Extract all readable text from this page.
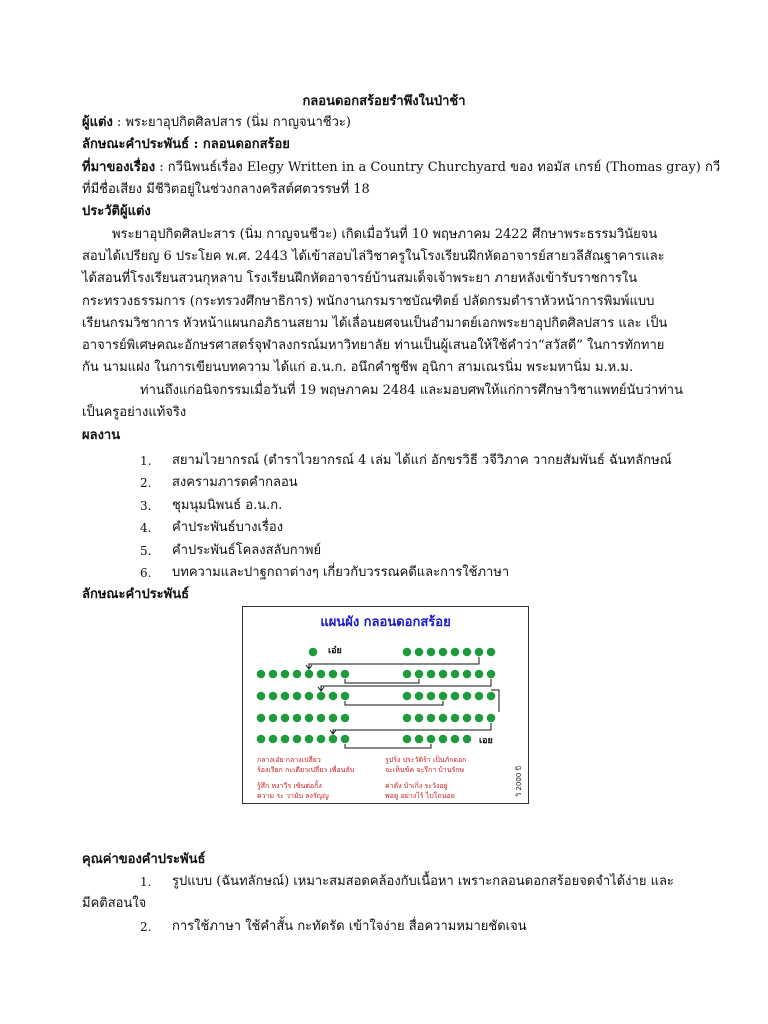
กลอนดอกสร้อยรำพึงในป่าช้า
ผู้แต่ง : พระยาอุปกิตศิลปสาร (นิ่ม กาญจนาชีวะ)
ลักษณะคำประพันธ์ : กลอนดอกสร้อย
ที่มาของเรื่อง : กวีนิพนธ์เรื่อง Elegy Written in a Country Churchyard ของ ทอมัส เกรย์ (Thomas gray) กวี
ที่มีชื่อเสียง มีชีวิตอยู่ในช่วงกลางคริสต์ศตวรรษที่ 18
ประวัติผู้แต่ง
พระยาอุปกิตศิลปะสาร (นิ่ม กาญจนชีวะ) เกิดเมื่อวันที่ 10 พฤษภาคม 2422 ศึกษาพระธรรมวินัยจน
สอบได้เปรียญ 6 ประโยค พ.ศ. 2443 ได้เข้าสอบไล่วิชาครูในโรงเรียนฝึกหัดอาจารย์สายวลีสัณฐาคารและ
ได้สอนที่โรงเรียนสวนกุหลาบ โรงเรียนฝึกหัดอาจารย์บ้านสมเด็จเจ้าพระยา ภายหลังเข้ารับราชการใน
กระทรวงธรรมการ (กระทรวงศึกษาธิการ) พนักงานกรมราชบัณฑิตย์ ปลัดกรมตำราหัวหน้าการพิมพ์แบบ
เรียนกรมวิชาการ หัวหน้าแผนกอภิธานสยาม ได้เลื่อนยศจนเป็นอำมาตย์เอกพระยาอุปกิตศิลปสาร และ เป็น
อาจารย์พิเศษคณะอักษรศาสตร์จุฬาลงกรณ์มหาวิทยาลัย ท่านเป็นผู้เสนอให้ใช้คำว่า“สวัสดี” ในการทักทาย
กัน นามแฝง ในการเขียนบทความ ได้แก่ อ.น.ก. อนึกคำชูชีพ อุนิกา สามเณรนิ่ม พระมหานิ่ม ม.ห.ม.
ท่านถึงแก่อนิจกรรมเมื่อวันที่ 19 พฤษภาคม 2484 และมอบศพให้แก่การศึกษาวิชาแพทย์นับว่าท่าน
เป็นครูอย่างแท้จริง
ผลงาน
1. สยามไวยากรณ์ (ตำราไวยากรณ์ 4 เล่ม ได้แก่ อักขรวิธี วจีวิภาค วากยสัมพันธ์ ฉันทลักษณ์
2. สงครามภารตคำกลอน
3. ชุมนุมนิพนธ์ อ.น.ก.
4. คำประพันธ์บางเรื่อง
5. คำประพันธ์โคลงสลับกาพย์
6. บทความและปาฐกถาต่างๆ เกี่ยวกับวรรณคดีและการใช้ภาษา
ลักษณะคำประพันธ์
แผนผัง กลอนดอกสร้อย
เอ๋ย
เอย
กลางเอ๋ย กลางเปลี่ยว
ร้องเรียก กะเดียวเปลี่ยว เพื่อนลับ
รู้สึก หงาวีร เข้นต่อกิ้ง
ความ ระ วามับ ลงรัญญู
รูปริ่ง ประวัติร้า เป็นภักดอก
จะเห็นข้ค จะรึกา บ้านรักษ
ค่าดั่ง บ้าเกิ่ง ระวังอยู่
พอดู อย่างไร้ ไปโถนอย	วิ 2000 ปี
คุณค่าของคำประพันธ์
1. รูปแบบ (ฉันทลักษณ์) เหมาะสมสอดคล้องกับเนื้อหา เพราะกลอนดอกสร้อยจดจำได้ง่าย และ
มีคติสอนใจ
2. การใช้ภาษา ใช้คำสั้น กะทัดรัด เข้าใจง่าย สื่อความหมายชัดเจน
